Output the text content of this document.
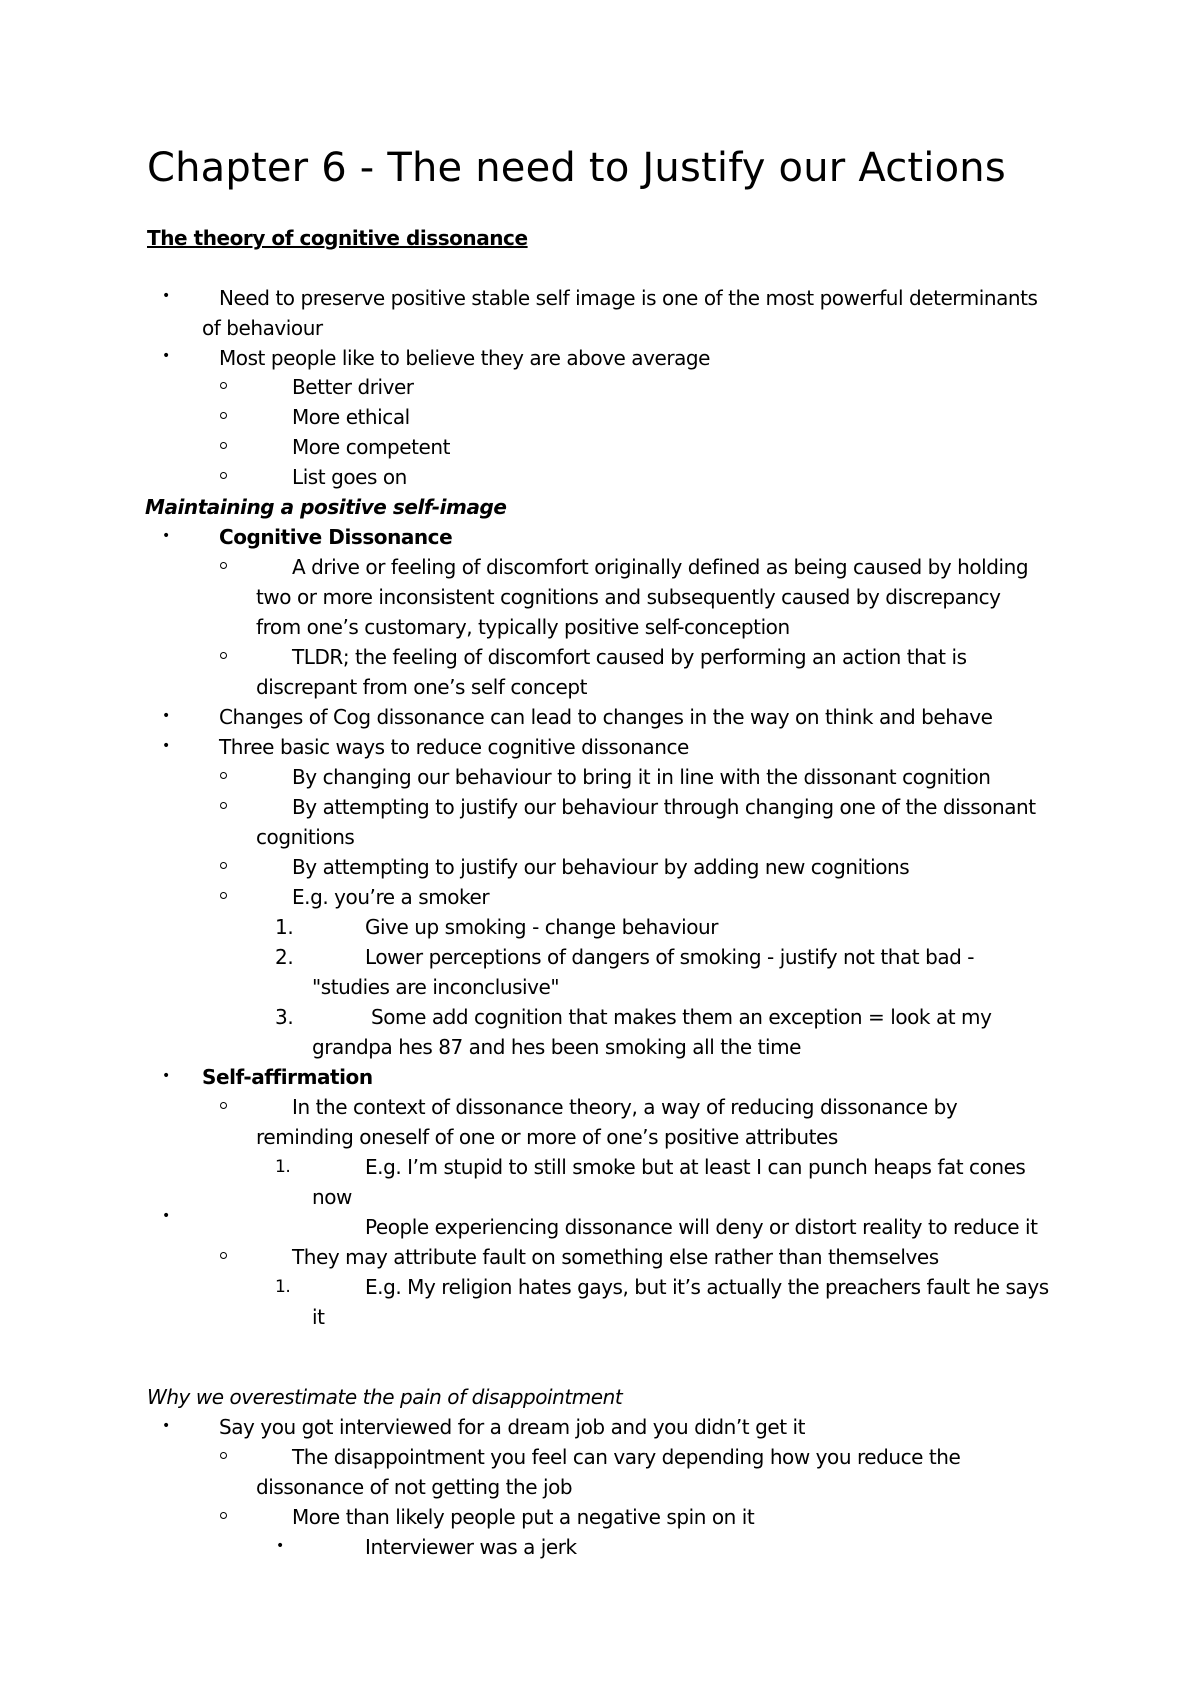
Chapter 6 - The need to Justify our Actions
The theory of cognitive dissonance
• Need to preserve positive stable self image is one of the most powerful determinants
of behaviour
• Most people like to believe they are above average
Better driver
More ethical
More competent
List goes on
Maintaining a positive self-image
• Cognitive Dissonance
A drive or feeling of discomfort originally defined as being caused by holding
two or more inconsistent cognitions and subsequently caused by discrepancy
from one’s customary, typically positive self-conception
TLDR; the feeling of discomfort caused by performing an action that is
discrepant from one’s self concept
• Changes of Cog dissonance can lead to changes in the way on think and behave
• Three basic ways to reduce cognitive dissonance
By changing our behaviour to bring it in line with the dissonant cognition
By attempting to justify our behaviour through changing one of the dissonant
cognitions
By attempting to justify our behaviour by adding new cognitions
E.g. you’re a smoker
1.	Give up smoking - change behaviour
2.	Lower perceptions of dangers of smoking - justify not that bad -
"studies are inconclusive"
3.	Some add cognition that makes them an exception = look at my
grandpa hes 87 and hes been smoking all the time
• Self-affirmation
In the context of dissonance theory, a way of reducing dissonance by
reminding oneself of one or more of one’s positive attributes
1.	E.g. I’m stupid to still smoke but at least I can punch heaps fat cones
now
•	People experiencing dissonance will deny or distort reality to reduce it
They may attribute fault on something else rather than themselves
1.	E.g. My religion hates gays, but it’s actually the preachers fault he says
it
Why we overestimate the pain of disappointment
• Say you got interviewed for a dream job and you didn’t get it
The disappointment you feel can vary depending how you reduce the
dissonance of not getting the job
More than likely people put a negative spin on it
•	Interviewer was a jerk
